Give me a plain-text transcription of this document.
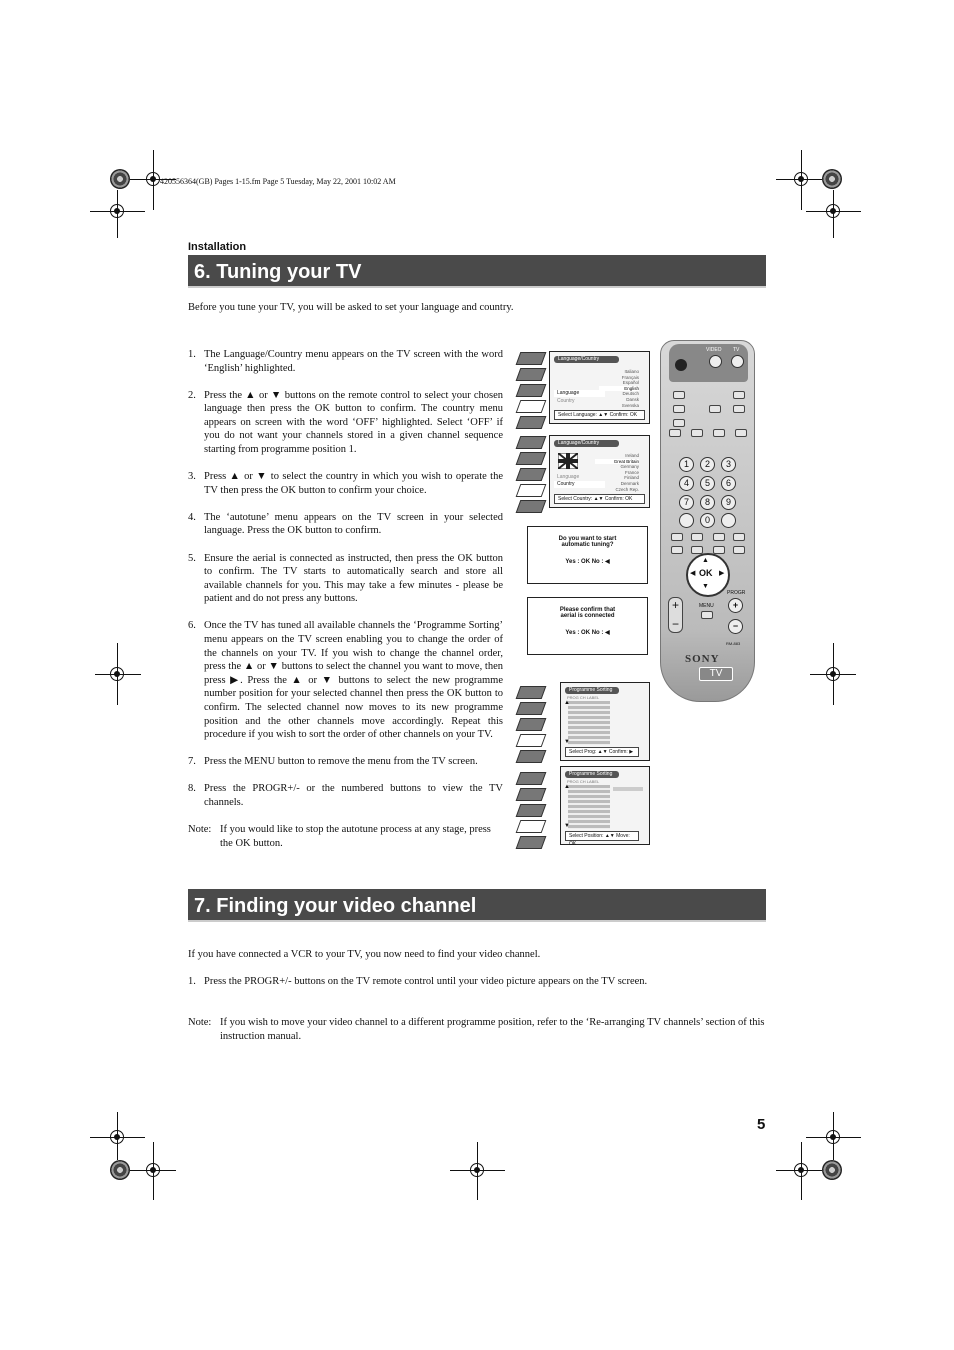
420556364(GB) Pages 1-15.fm Page 5 Tuesday, May 22, 2001 10:02 AM
Installation
6. Tuning your TV
Before you tune your TV, you will be asked to set your language and country.
1. The Language/Country menu appears on the TV screen with the word ‘English’ highlighted.
2. Press the ▲ or ▼ buttons on the remote control to select your chosen language then press the OK button to confirm. The country menu appears on screen with the word ‘OFF’ highlighted. Select ‘OFF’ if you do not want your channels stored in a given channel sequence starting from programme position 1.
3. Press ▲ or ▼ to select the country in which you wish to operate the TV then press the OK button to confirm your choice.
4. The ‘autotune’ menu appears on the TV screen in your selected language. Press the OK button to confirm.
5. Ensure the aerial is connected as instructed, then press the OK button to confirm. The TV starts to automatically search and store all available channels for you. This may take a few minutes - please be patient and do not press any buttons.
6. Once the TV has tuned all available channels the ‘Programme Sorting’ menu appears on the TV screen enabling you to change the order of the channels on your TV. If you wish to change the channel order, press the ▲ or ▼ buttons to select the channel you want to move, then press ▶. Press the ▲ or ▼ buttons to select the new programme number position for your selected channel then press the OK button to confirm. The selected channel now moves to its new programme position and the other channels move accordingly. Repeat this procedure if you wish to sort the order of other channels on your TV.
7. Press the MENU button to remove the menu from the TV screen.
8. Press the PROGR+/- or the numbered buttons to view the TV channels.
Note: If you would like to stop the autotune process at any stage, press the OK button.
Language/Country
Italiano
Français
Español
English
Deutsch
Dansk
Svenska
Language
Country
Select Language: ▲▼ Confirm: OK
Language/Country
Ireland
Great Britain
Germany
France
Finland
Denmark
Czech Rep.
Language
Country
Select Country: ▲▼ Confirm: OK
Do you want to start
automatic tuning?
Yes : OK No : ◀
Please confirm that
aerial is connected
Yes : OK No : ◀
Programme Sorting
PROG CH LABEL
▲
▼
Select Prog: ▲▼ Confirm: ▶
Programme Sorting
PROG CH LABEL
▲
▼
Select Position: ▲▼ Move: OK
VIDEO TV
1	2	3
4	5	6
7	8	9
0
▲
▼
◀	▶
OK
+
−
MENU
PROGR
+
−
RM-883
SONY
TV
7. Finding your video channel
If you have connected a VCR to your TV, you now need to find your video channel.
1. Press the PROGR+/- buttons on the TV remote control until your video picture appears on the TV screen.
Note: If you wish to move your video channel to a different programme position, refer to the ‘Re-arranging TV channels’ section of this instruction manual.
5
